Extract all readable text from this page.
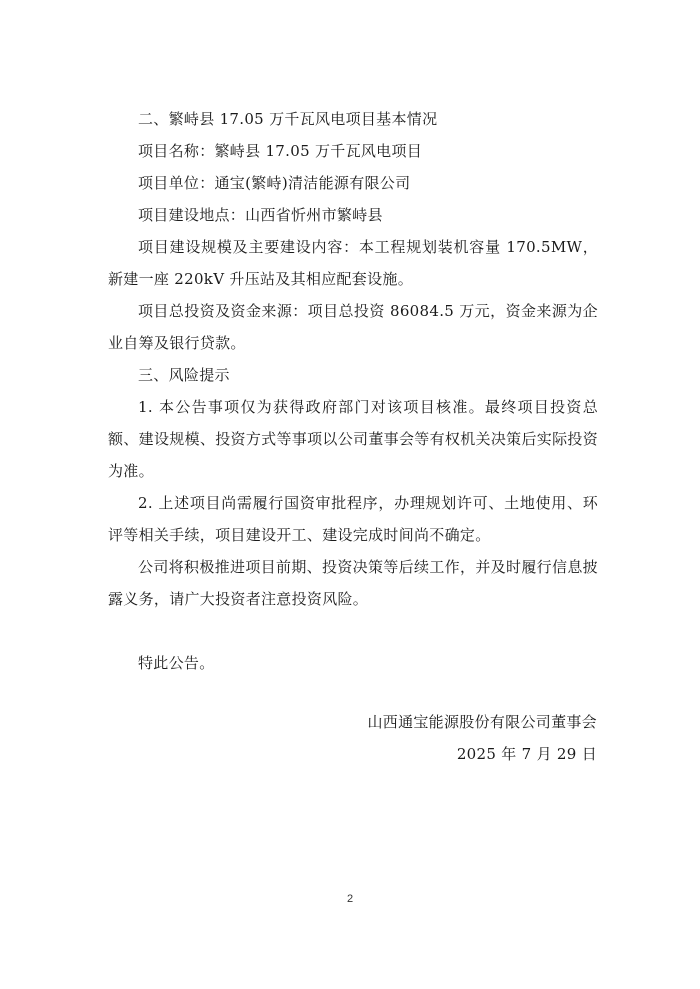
二、繁峙县 17.05 万千瓦风电项目基本情况

项目名称：繁峙县 17.05 万千瓦风电项目

项目单位：通宝(繁峙)清洁能源有限公司

项目建设地点：山西省忻州市繁峙县

项目建设规模及主要建设内容：本工程规划装机容量 170.5MW，新建一座 220kV 升压站及其相应配套设施。

项目总投资及资金来源：项目总投资 86084.5 万元，资金来源为企业自筹及银行贷款。

三、风险提示

1. 本公告事项仅为获得政府部门对该项目核准。最终项目投资总额、建设规模、投资方式等事项以公司董事会等有权机关决策后实际投资为准。

2. 上述项目尚需履行国资审批程序，办理规划许可、土地使用、环评等相关手续，项目建设开工、建设完成时间尚不确定。

公司将积极推进项目前期、投资决策等后续工作，并及时履行信息披露义务，请广大投资者注意投资风险。

特此公告。

山西通宝能源股份有限公司董事会
2025 年 7 月 29 日
2
